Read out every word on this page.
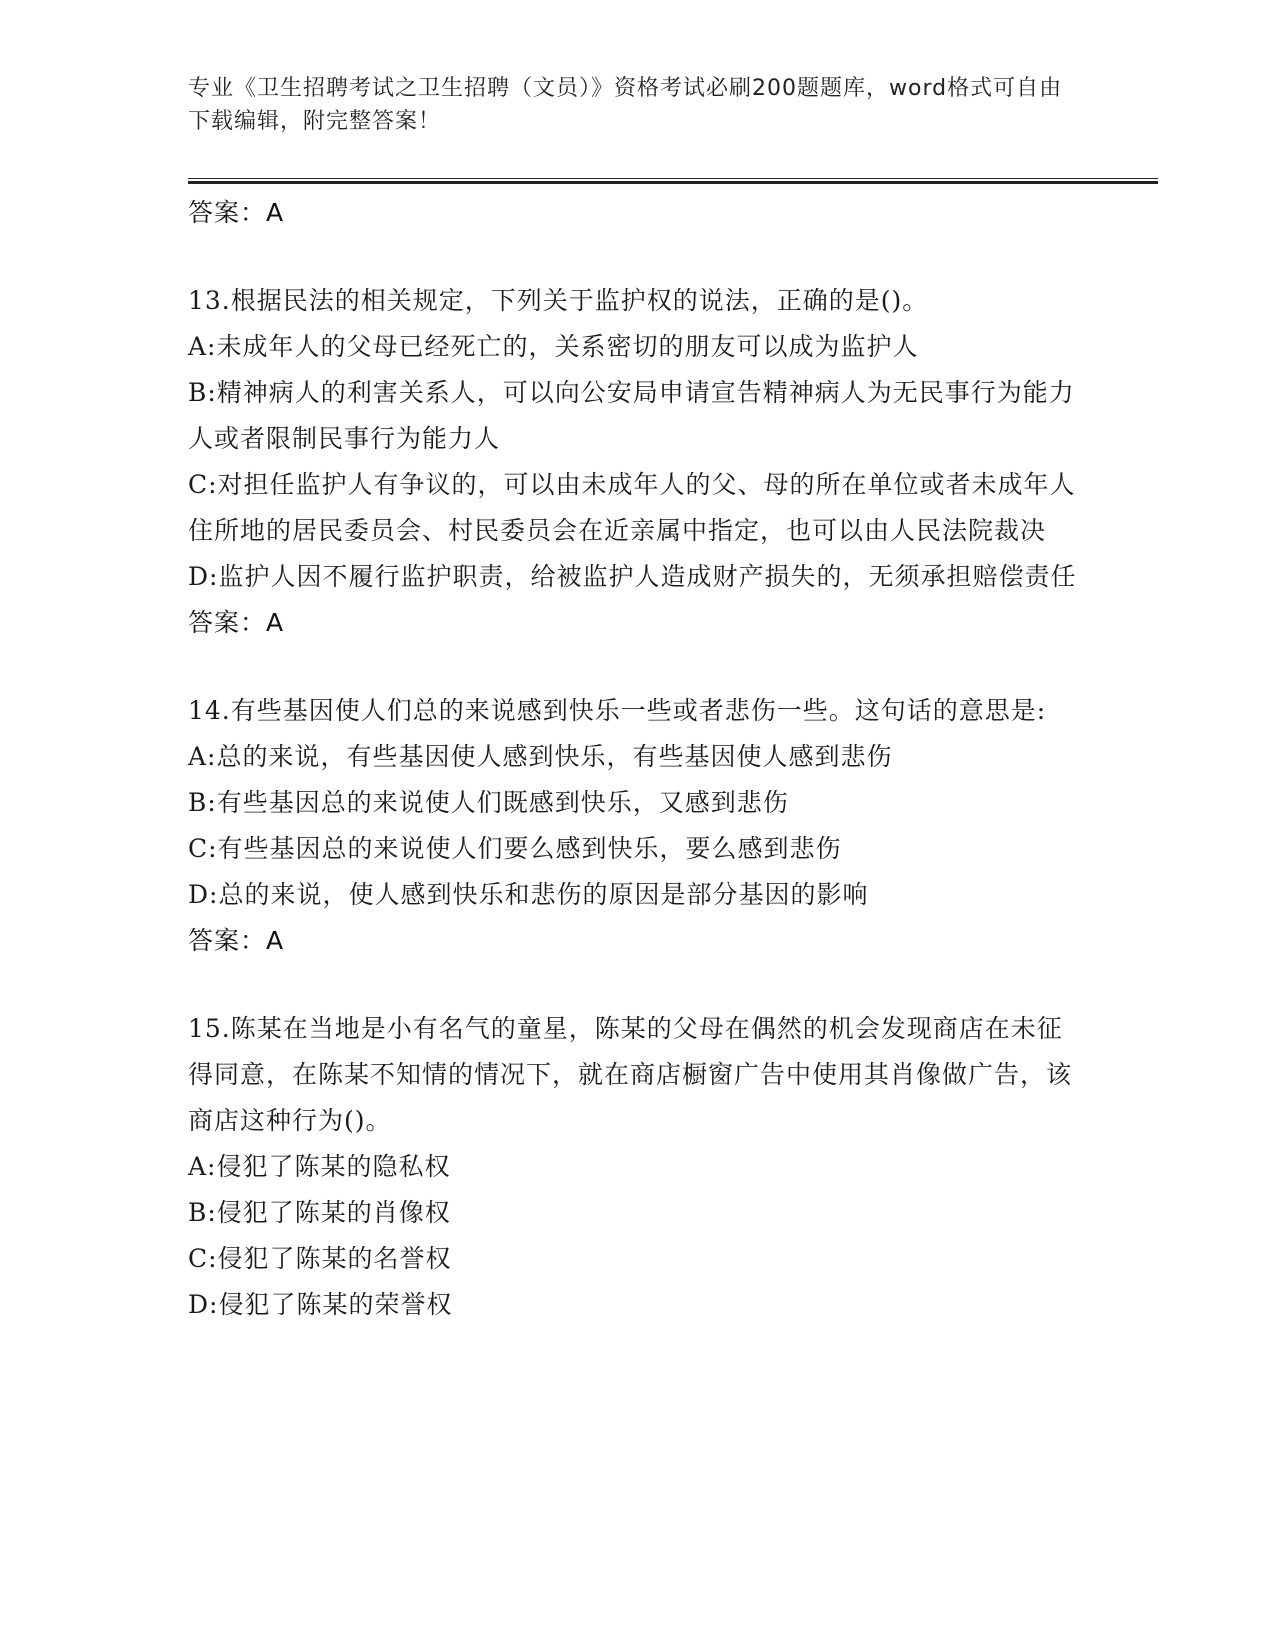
专业《卫生招聘考试之卫生招聘（文员）》资格考试必刷200题题库，word格式可自由下载编辑，附完整答案！
答案：A
13.根据民法的相关规定，下列关于监护权的说法，正确的是()。
A:未成年人的父母已经死亡的，关系密切的朋友可以成为监护人
B:精神病人的利害关系人，可以向公安局申请宣告精神病人为无民事行为能力人或者限制民事行为能力人
C:对担任监护人有争议的，可以由未成年人的父、母的所在单位或者未成年人住所地的居民委员会、村民委员会在近亲属中指定，也可以由人民法院裁决
D:监护人因不履行监护职责，给被监护人造成财产损失的，无须承担赔偿责任
答案：A
14.有些基因使人们总的来说感到快乐一些或者悲伤一些。这句话的意思是:
A:总的来说，有些基因使人感到快乐，有些基因使人感到悲伤
B:有些基因总的来说使人们既感到快乐，又感到悲伤
C:有些基因总的来说使人们要么感到快乐，要么感到悲伤
D:总的来说，使人感到快乐和悲伤的原因是部分基因的影响
答案：A
15.陈某在当地是小有名气的童星，陈某的父母在偶然的机会发现商店在未征得同意，在陈某不知情的情况下，就在商店橱窗广告中使用其肖像做广告，该商店这种行为()。
A:侵犯了陈某的隐私权
B:侵犯了陈某的肖像权
C:侵犯了陈某的名誉权
D:侵犯了陈某的荣誉权
